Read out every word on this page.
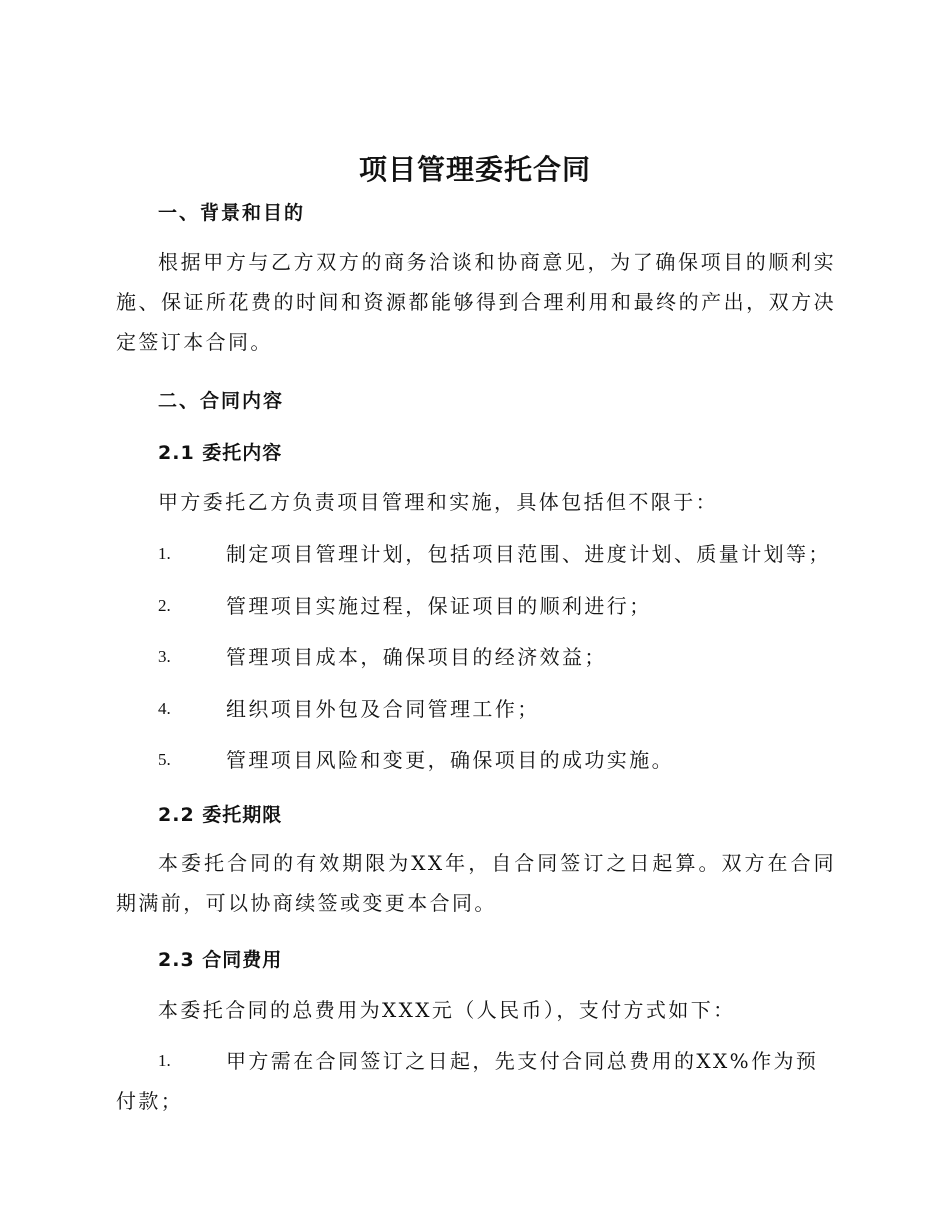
项目管理委托合同
一、背景和目的

根据甲方与乙方双方的商务洽谈和协商意见，为了确保项目的顺利实施、保证所花费的时间和资源都能够得到合理利用和最终的产出，双方决定签订本合同。

二、合同内容
2.1 委托内容

甲方委托乙方负责项目管理和实施，具体包括但不限于：

1.	制定项目管理计划，包括项目范围、进度计划、质量计划等；
2.	管理项目实施过程，保证项目的顺利进行；
3.	管理项目成本，确保项目的经济效益；
4.	组织项目外包及合同管理工作；
5.	管理项目风险和变更，确保项目的成功实施。
2.2 委托期限

本委托合同的有效期限为XX年，自合同签订之日起算。双方在合同期满前，可以协商续签或变更本合同。

2.3 合同费用

本委托合同的总费用为XXX元（人民币），支付方式如下：

1.	甲方需在合同签订之日起，先支付合同总费用的XX%作为预付款；
